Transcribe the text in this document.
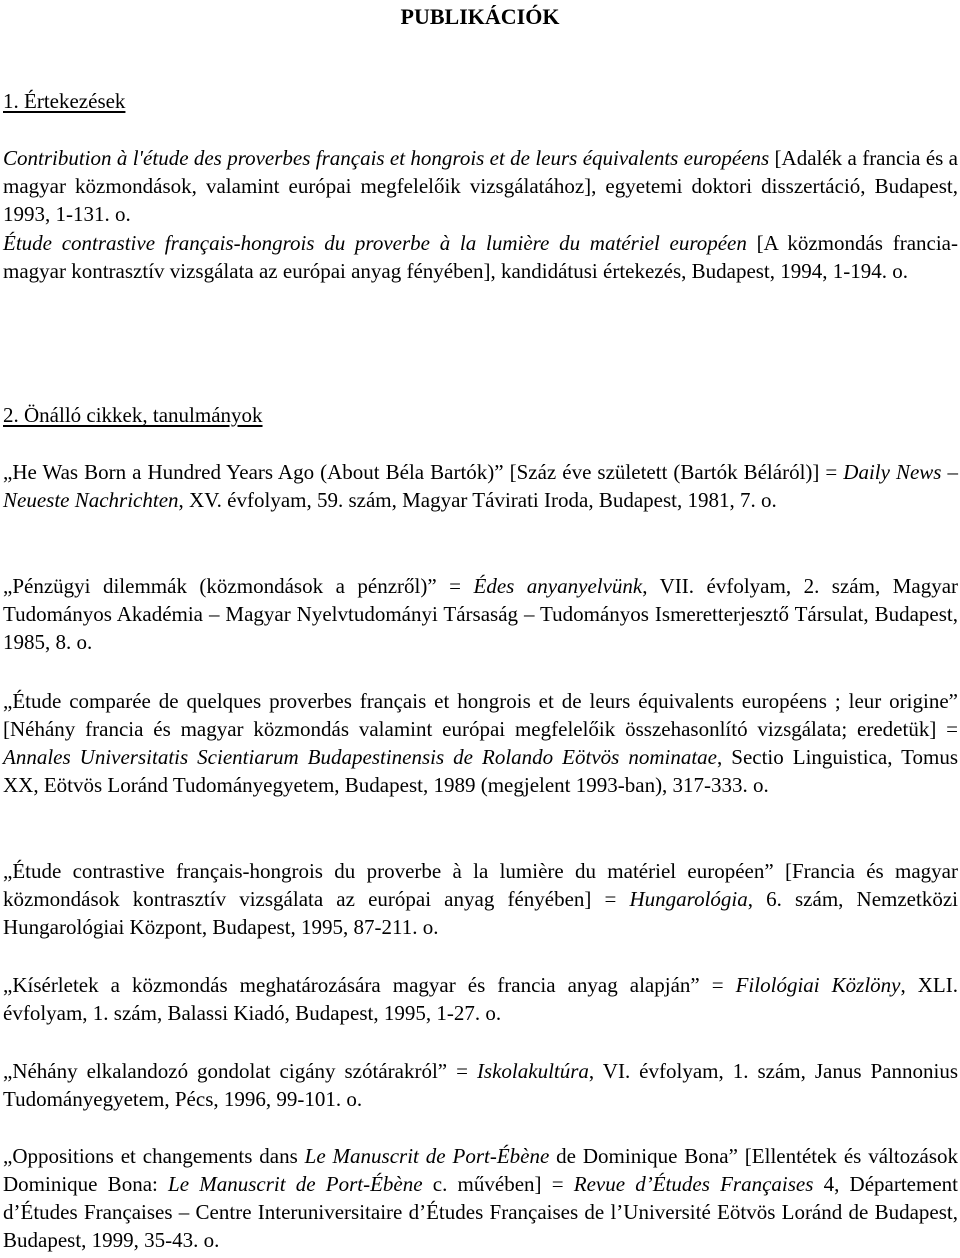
PUBLIKÁCIÓK
1. Értekezések

Contribution à l'étude des proverbes français et hongrois et de leurs équivalents européens [Adalék a francia és a magyar közmondások, valamint európai megfelelőik vizsgálatához], egyetemi doktori disszertáció, Budapest, 1993, 1-131. o.

Étude contrastive français-hongrois du proverbe à la lumière du matériel européen [A közmondás francia-magyar kontrasztív vizsgálata az európai anyag fényében], kandidátusi értekezés, Budapest, 1994, 1-194. o.

2. Önálló cikkek, tanulmányok

„He Was Born a Hundred Years Ago (About Béla Bartók)” [Száz éve született (Bartók Béláról)] = Daily News – Neueste Nachrichten, XV. évfolyam, 59. szám, Magyar Távirati Iroda, Budapest, 1981, 7. o.

„Pénzügyi dilemmák (közmondások a pénzről)” = Édes anyanyelvünk, VII. évfolyam, 2. szám, Magyar Tudományos Akadémia – Magyar Nyelvtudományi Társaság – Tudományos Ismeretterjesztő Társulat, Budapest, 1985, 8. o.

„Étude comparée de quelques proverbes français et hongrois et de leurs équivalents européens ; leur origine” [Néhány francia és magyar közmondás valamint európai megfelelőik összehasonlító vizsgálata; eredetük] = Annales Universitatis Scientiarum Budapestinensis de Rolando Eötvös nominatae, Sectio Linguistica, Tomus XX, Eötvös Loránd Tudományegyetem, Budapest, 1989 (megjelent 1993-ban), 317-333. o.

„Étude contrastive français-hongrois du proverbe à la lumière du matériel européen” [Francia és magyar közmondások kontrasztív vizsgálata az európai anyag fényében] = Hungarológia, 6. szám, Nemzetközi Hungarológiai Központ, Budapest, 1995, 87-211. o.

„Kísérletek a közmondás meghatározására magyar és francia anyag alapján” = Filológiai Közlöny, XLI. évfolyam, 1. szám, Balassi Kiadó, Budapest, 1995, 1-27. o.

„Néhány elkalandozó gondolat cigány szótárakról” = Iskolakultúra, VI. évfolyam, 1. szám, Janus Pannonius Tudományegyetem, Pécs, 1996, 99-101. o.

„Oppositions et changements dans Le Manuscrit de Port-Ébène de Dominique Bona” [Ellentétek és változások Dominique Bona: Le Manuscrit de Port-Ébène c. művében] = Revue d’Études Françaises 4, Département d’Études Françaises – Centre Interuniversitaire d’Études Françaises de l’Université Eötvös Loránd de Budapest, Budapest, 1999, 35-43. o.
